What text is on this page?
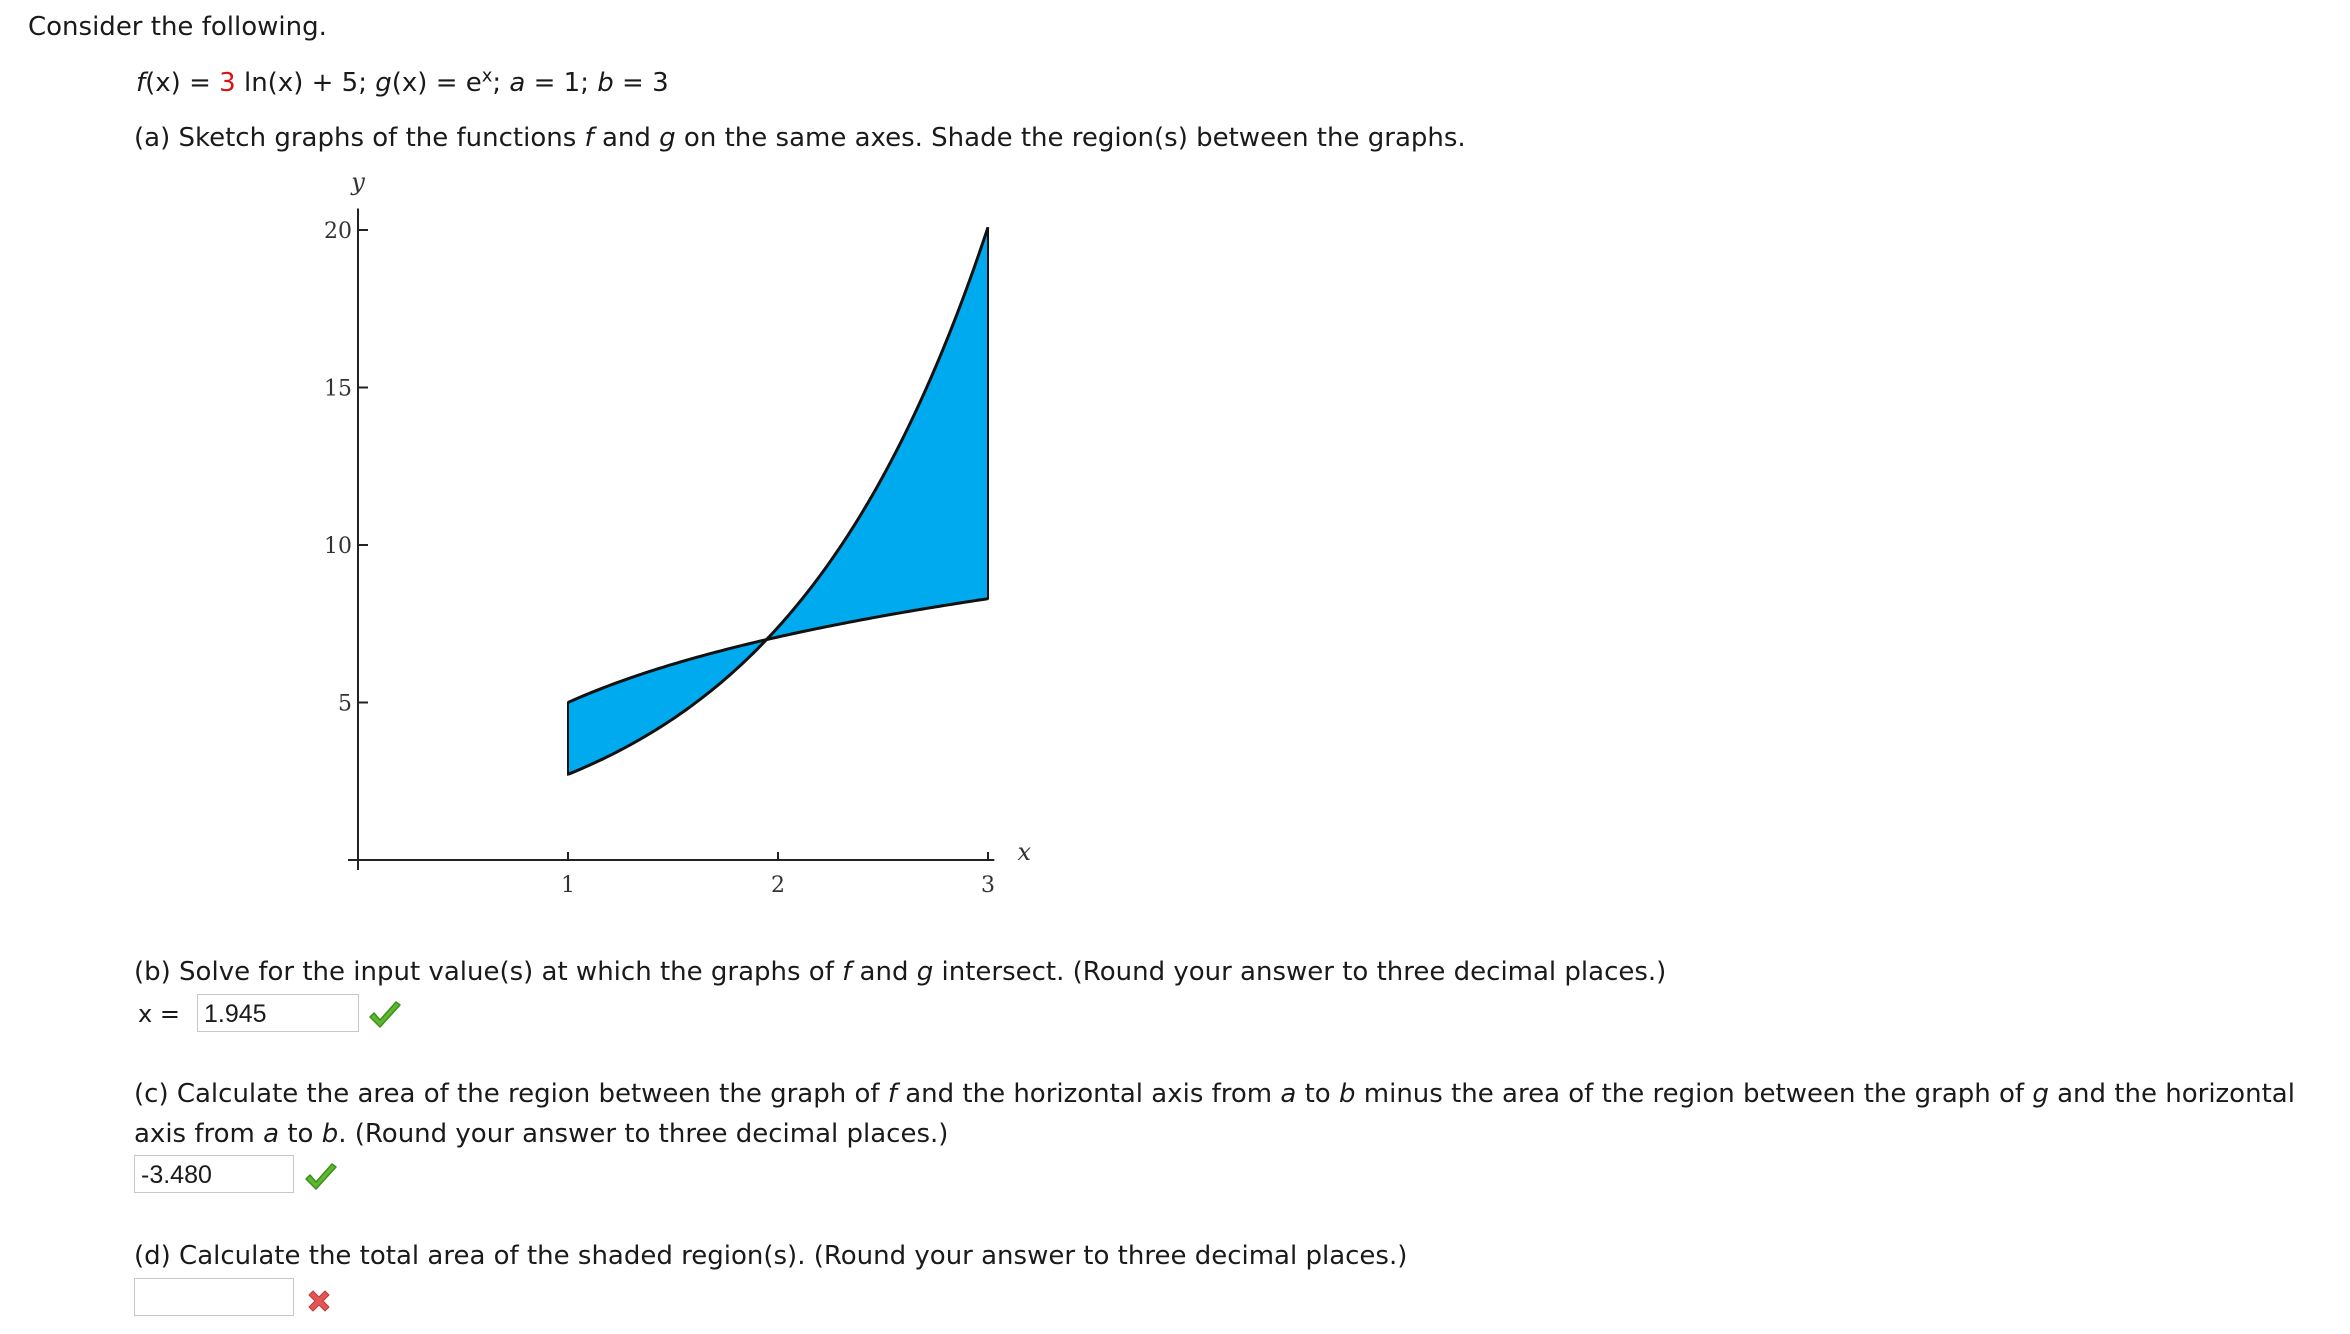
Consider the following.
f(x) = 3 ln(x) + 5; $g(x) = e^x$; a = 1; b = 3
(a) Sketch graphs of the functions f and g on the same axes. Shade the region(s) between the graphs.
5
10
15
20
1	2	3
y
x
(b) Solve for the input value(s) at which the graphs of f and g intersect. (Round your answer to three decimal places.)
x = 1.945
(c) Calculate the area of the region between the graph of f and the horizontal axis from a to b minus the area of the region between the graph of g and the horizontal
axis from a to b. (Round your answer to three decimal places.)
-3.480
(d) Calculate the total area of the shaded region(s). (Round your answer to three decimal places.)
